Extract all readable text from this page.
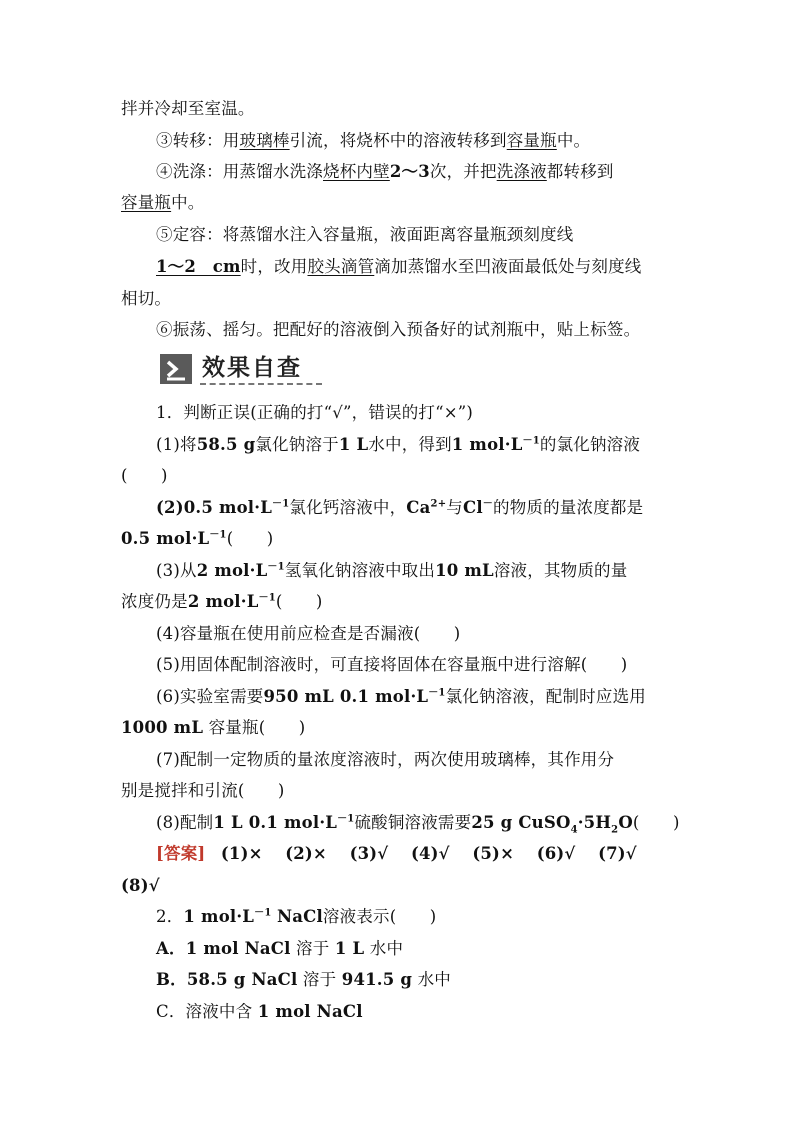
拌并冷却至室温。
③转移：用玻璃棒引流，将烧杯中的溶液转移到容量瓶中。
④洗涤：用蒸馏水洗涤烧杯内壁2～3次，并把洗涤液都转移到
容量瓶中。
⑤定容：将蒸馏水注入容量瓶，液面距离容量瓶颈刻度线
1～2　cm时，改用胶头滴管滴加蒸馏水至凹液面最低处与刻度线
相切。
⑥振荡、摇匀。把配好的溶液倒入预备好的试剂瓶中，贴上标签。
效果自查
1．判断正误(正确的打“√”，错误的打“×”)
(1)将58.5 g氯化钠溶于1 L水中，得到1 $mol\cdot L^{-1}$的氯化钠溶液
(　　)
(2)0.5 $mol\cdot L^{-1}$氯化钙溶液中，$Ca^{2+}$与Cl－的物质的量浓度都是
0.5 $mol\cdot L^{-1}$(　　)
(3)从2 $mol\cdot L^{-1}$氢氧化钠溶液中取出10 mL溶液，其物质的量
浓度仍是2 $mol\cdot L^{-1}$(　　)
(4)容量瓶在使用前应检查是否漏液(　　)
(5)用固体配制溶液时，可直接将固体在容量瓶中进行溶解(　　)
(6)实验室需要950 mL 0.1 $mol\cdot L^{-1}$氯化钠溶液，配制时应选用
1000 mL 容量瓶(　　)
(7)配制一定物质的量浓度溶液时，两次使用玻璃棒，其作用分
别是搅拌和引流(　　)
(8)配制1 L 0.1 $mol\cdot L^{-1}$硫酸铜溶液需要25 g $CuSO_4\cdot 5H_2O$(　　)
[答案] (1)×　 (2)×　 (3)√　 (4)√　 (5)×　 (6)√　 (7)√
(8)√
2．1 $mol\cdot L^{-1}$ NaCl溶液表示(　　)
A．1 mol NaCl 溶于 1 L 水中
B．58.5 g NaCl 溶于 941.5 g 水中
C．溶液中含 1 mol NaCl
